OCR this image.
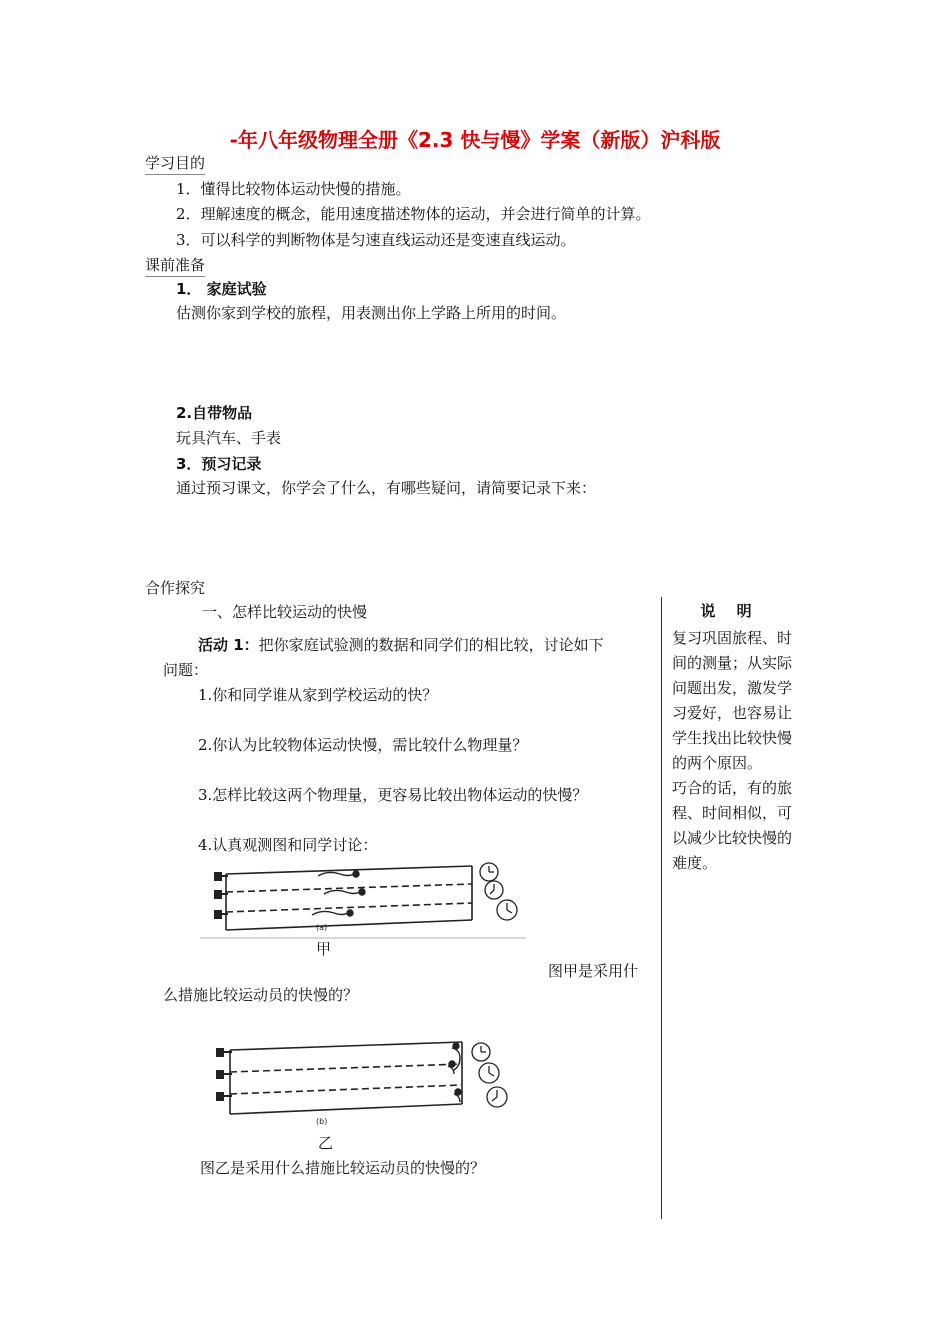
-年八年级物理全册《2.3 快与慢》学案（新版）沪科版
学习目的
1．懂得比较物体运动快慢的措施。
2．理解速度的概念，能用速度描述物体的运动，并会进行简单的计算。
3．可以科学的判断物体是匀速直线运动还是变速直线运动。
课前准备
1． 家庭试验
估测你家到学校的旅程，用表测出你上学路上所用的时间。
2.自带物品
玩具汽车、手表
3．预习记录
通过预习课文，你学会了什么，有哪些疑问，请简要记录下来：
合作探究
一、怎样比较运动的快慢
活动 1：把你家庭试验测的数据和同学们的相比较，讨论如下
问题：
1.你和同学谁从家到学校运动的快？
2.你认为比较物体运动快慢，需比较什么物理量？
3.怎样比较这两个物理量，更容易比较出物体运动的快慢？
4.认真观测图和同学讨论：
(a)
甲
图甲是采用什
么措施比较运动员的快慢的？
(b)
乙
图乙是采用什么措施比较运动员的快慢的？
说 明

复习巩固旅程、时间的测量；从实际问题出发，激发学习爱好，也容易让学生找出比较快慢的两个原因。

巧合的话，有的旅程、时间相似，可以减少比较快慢的难度。
